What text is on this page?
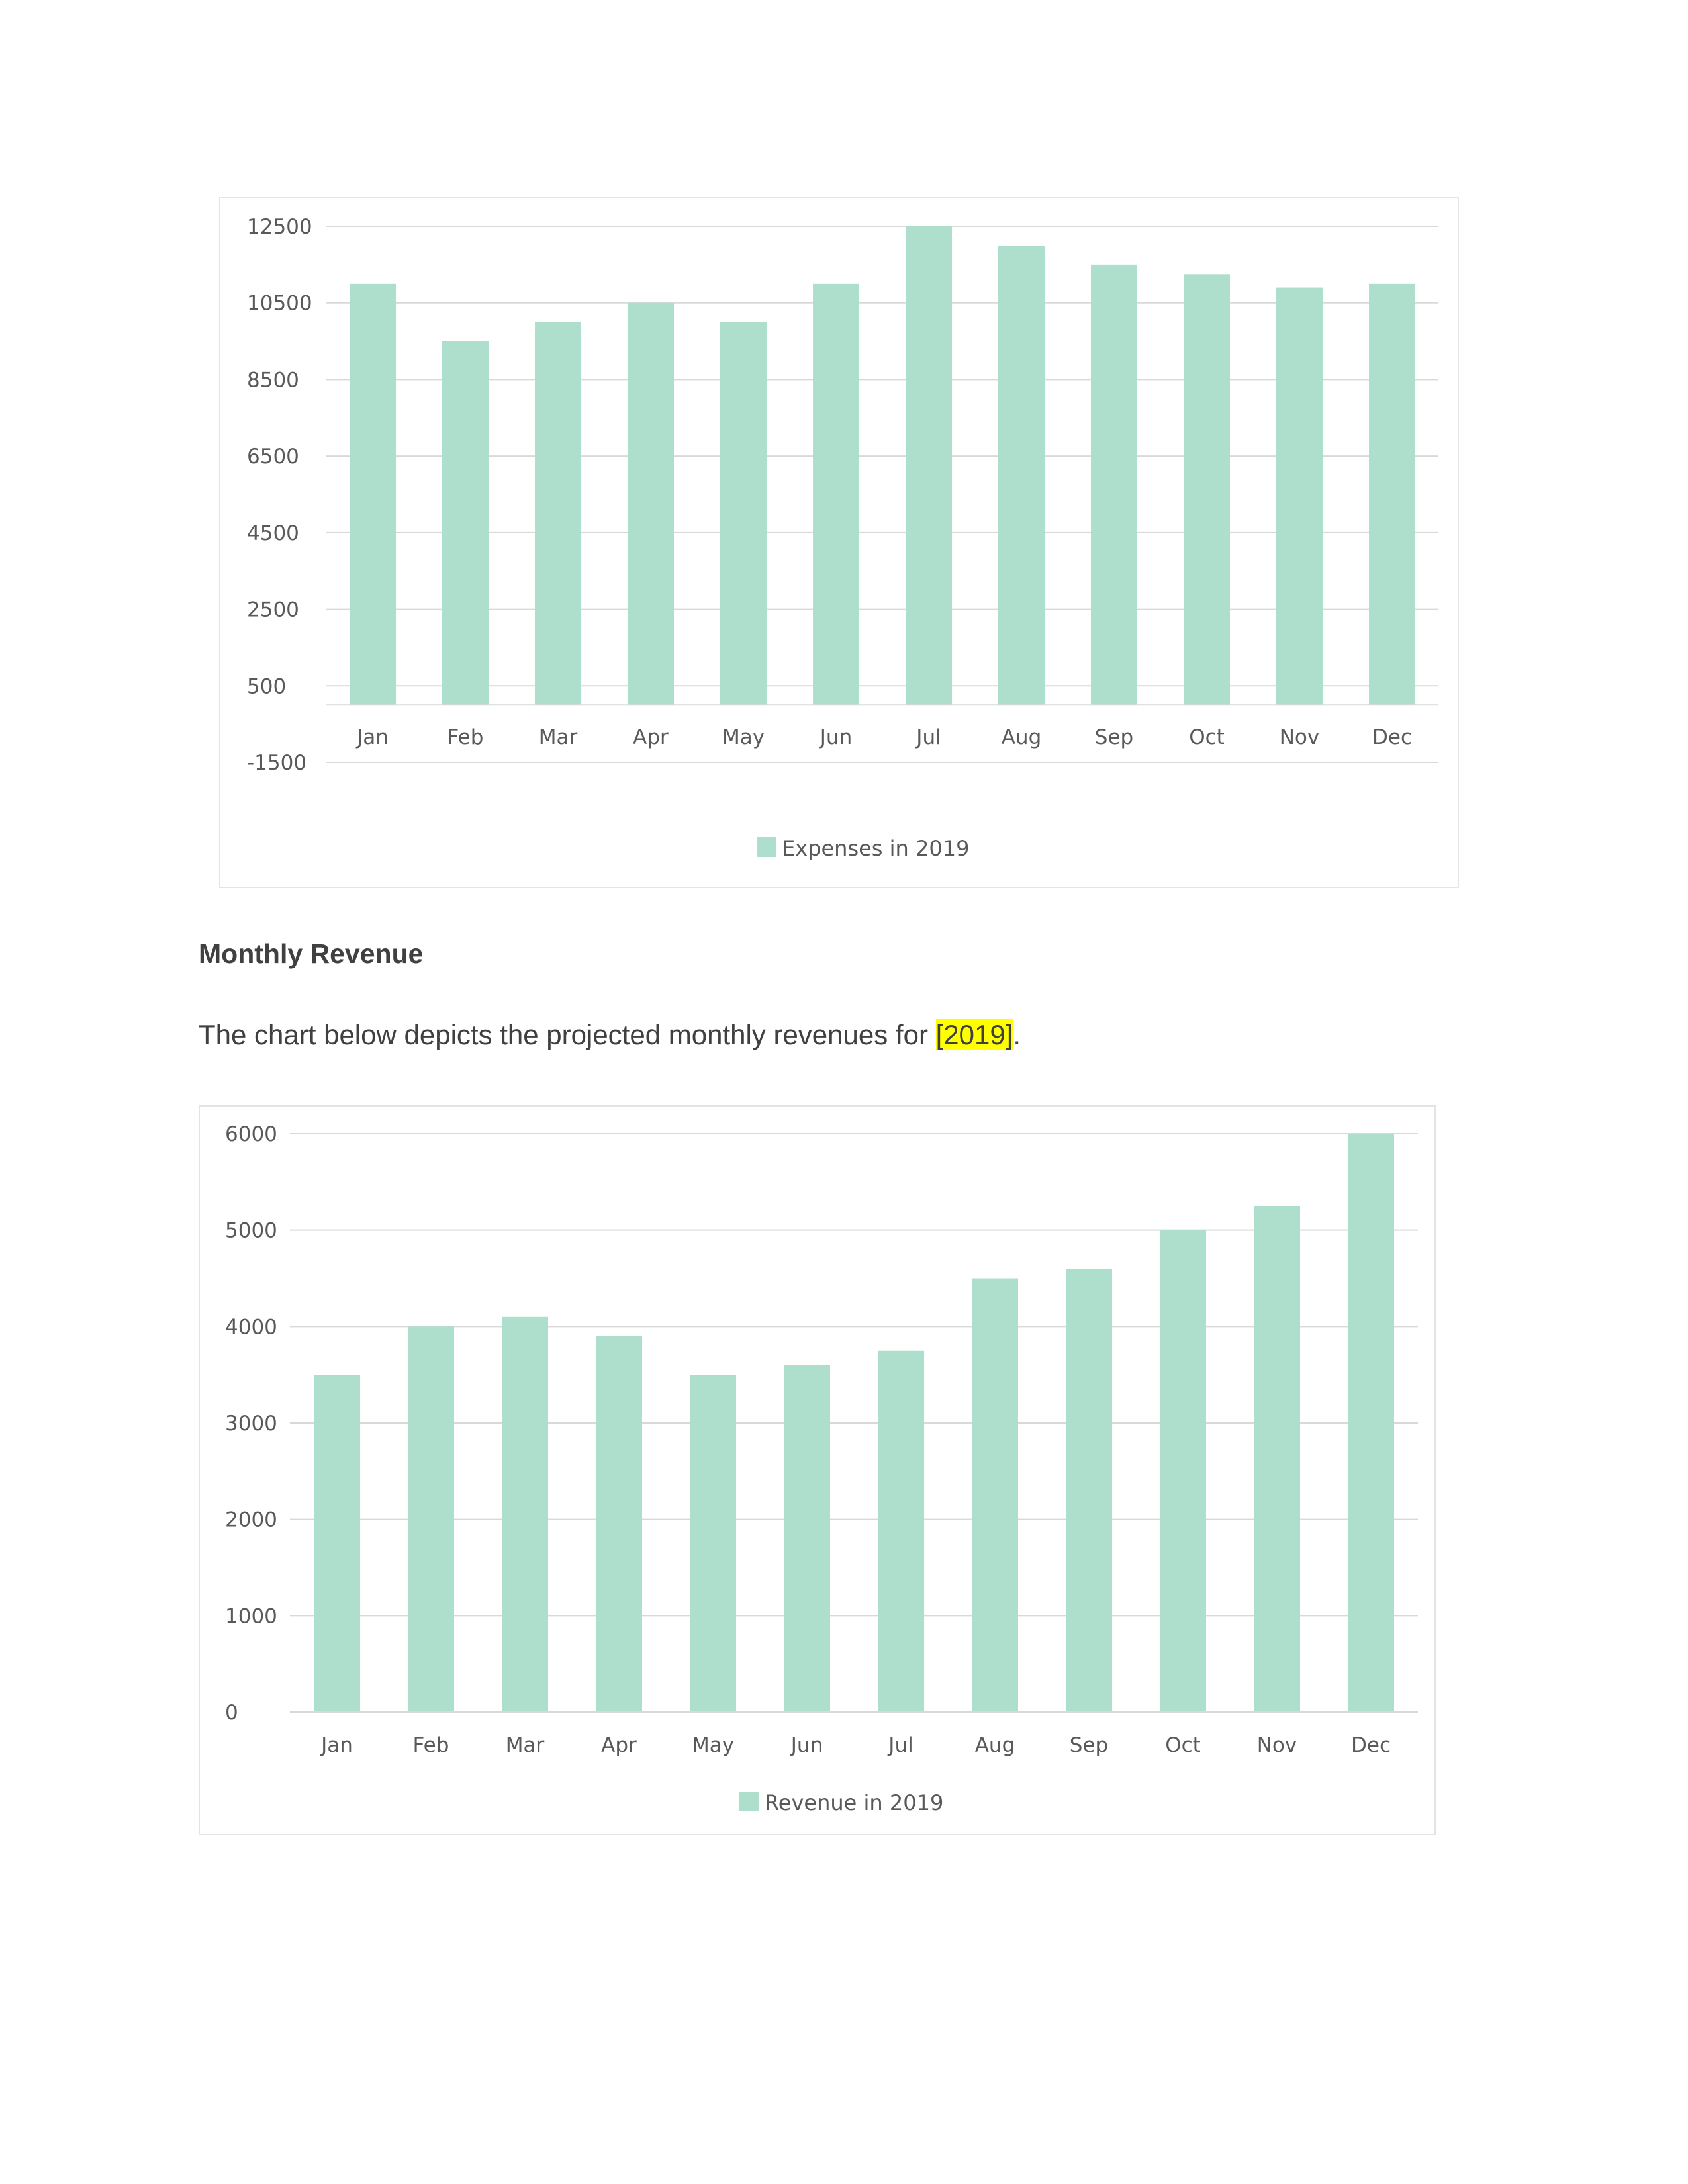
12500
10500
8500
6500
4500
2500
500
-1500
Jan	Feb	Mar	Apr	May	Jun	Jul	Aug	Sep	Oct	Nov	Dec
Expenses in 2019
Monthly Revenue

The chart below depicts the projected monthly revenues for [2019].

6000
5000
4000
3000
2000
1000
0
Jan	Feb	Mar	Apr	May	Jun	Jul	Aug	Sep	Oct	Nov	Dec
Revenue in 2019
